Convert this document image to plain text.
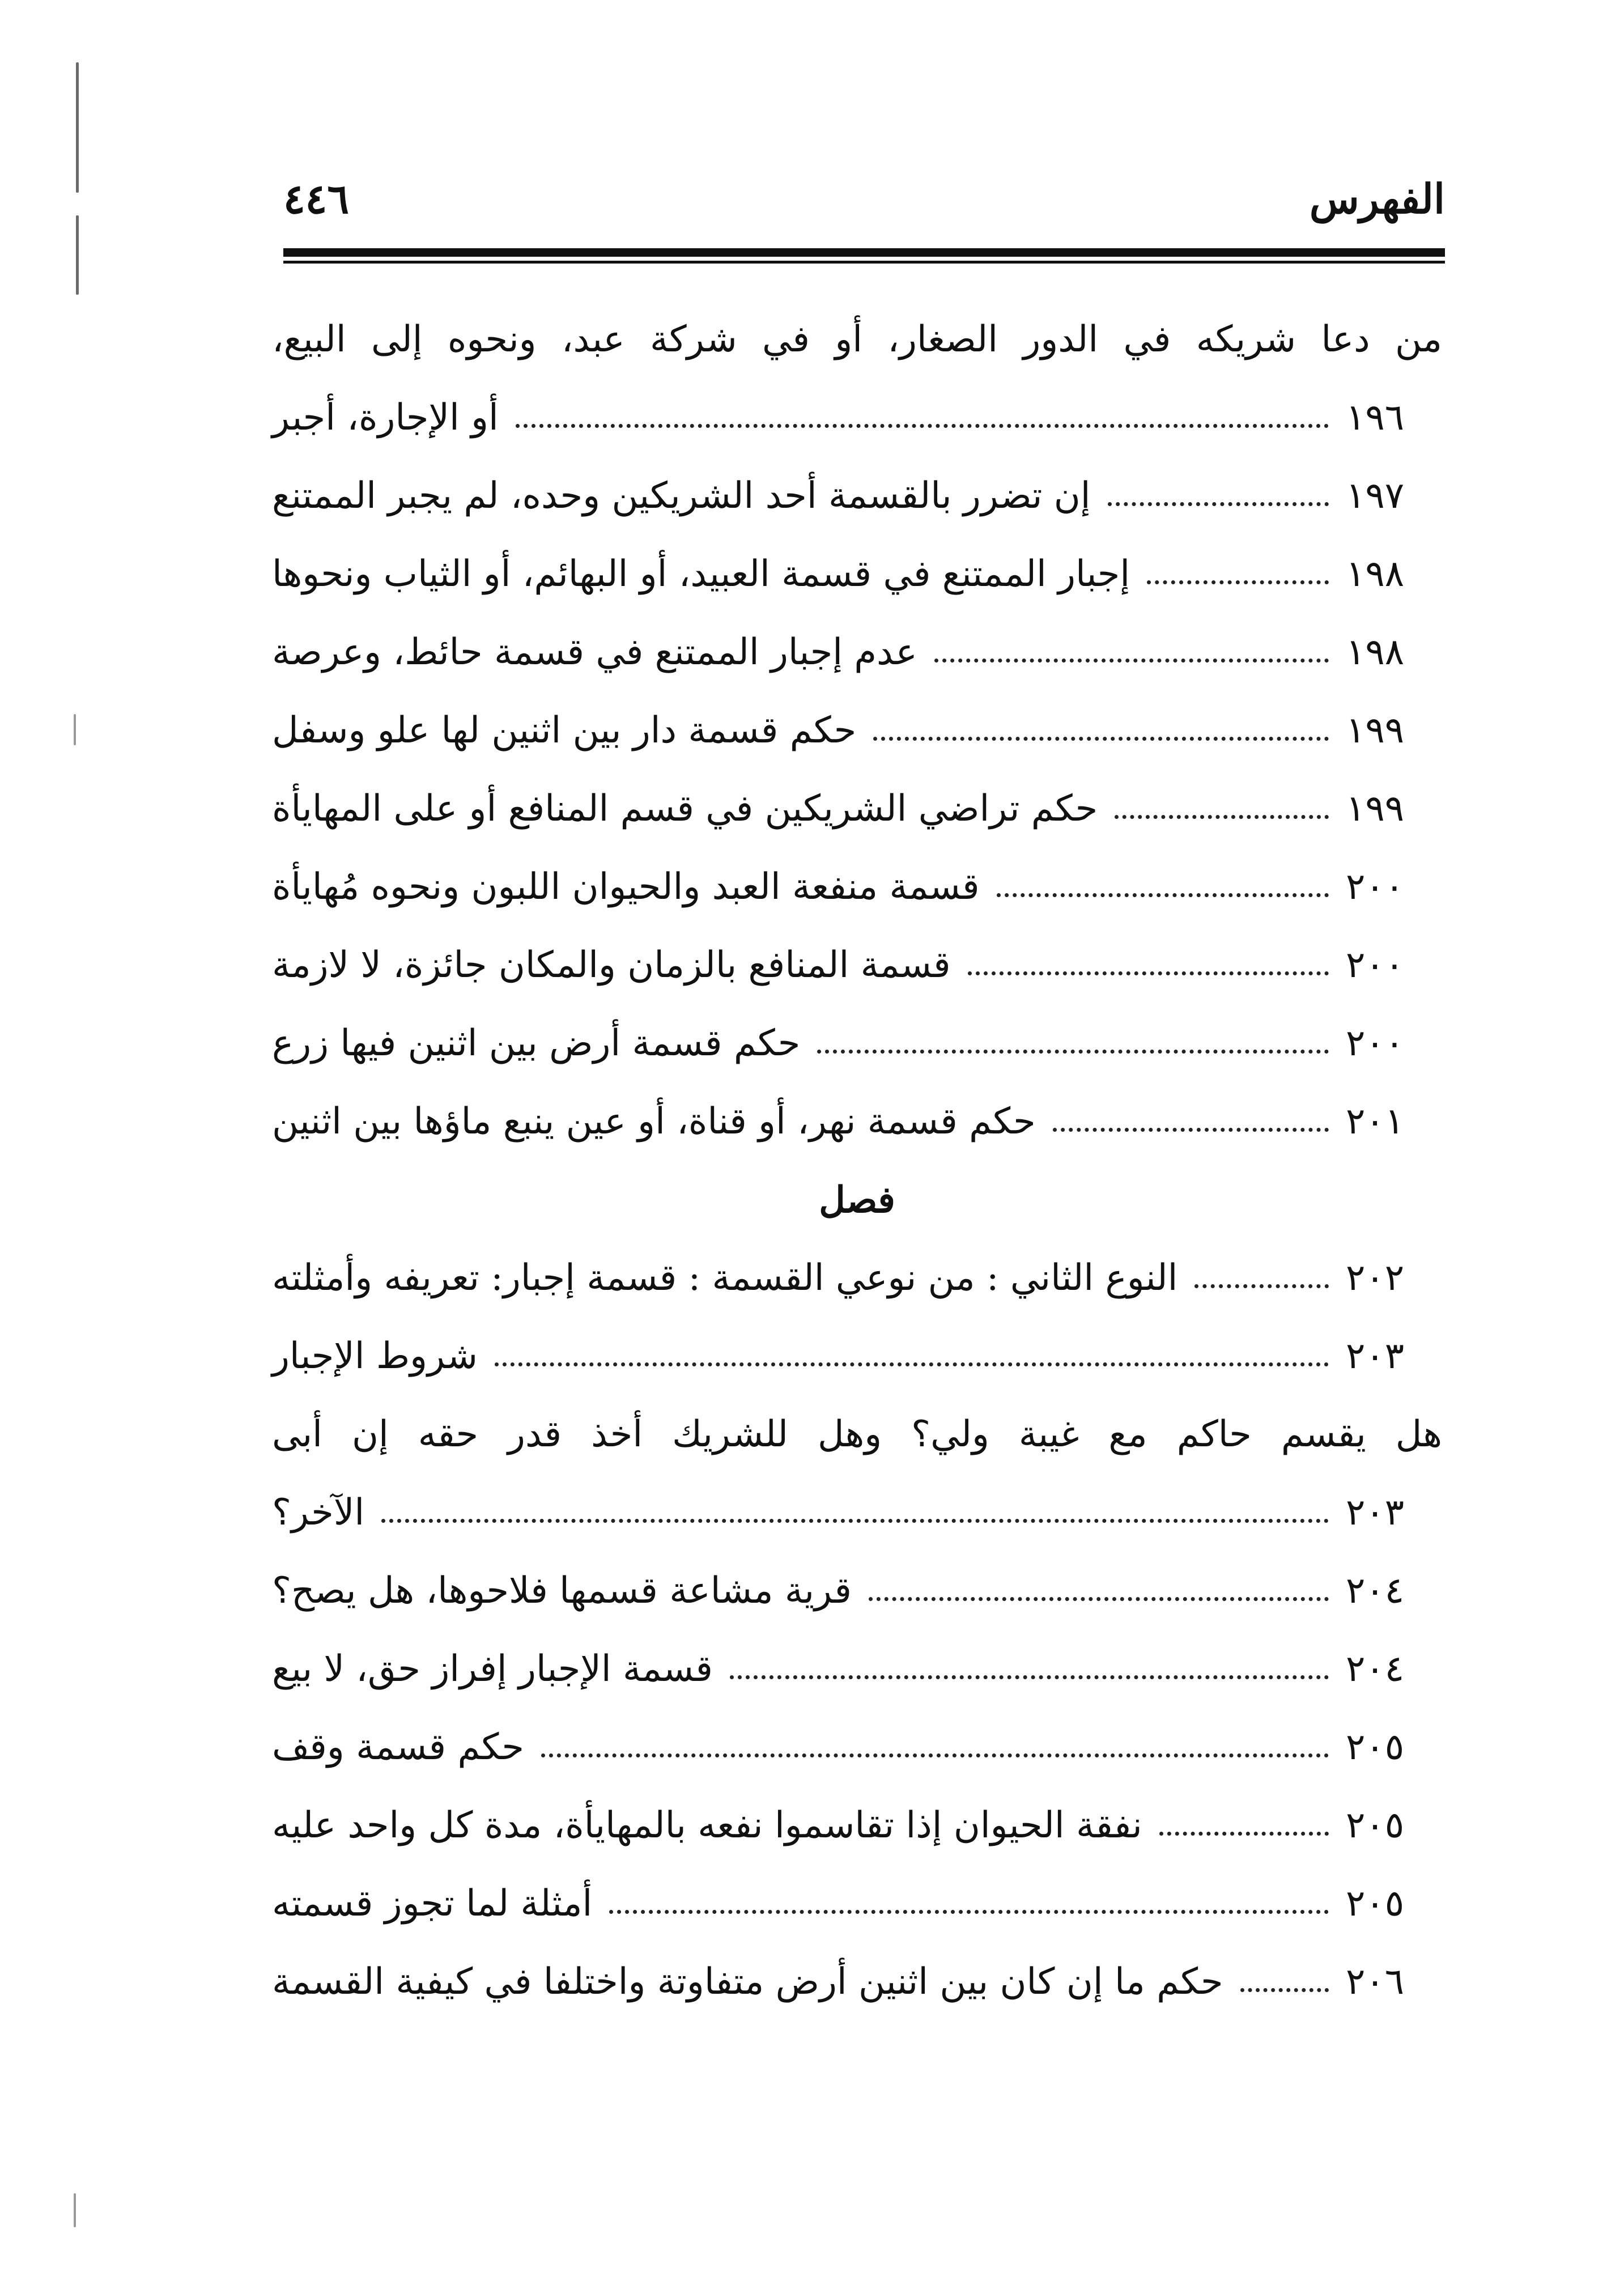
٤٤٦	الفهرس
من دعا شريكه في الدور الصغار، أو في شركة عبد، ونحوه إلى البيع،
أو الإجارة، أجبر	١٩٦
إن تضرر بالقسمة أحد الشريكين وحده، لم يجبر الممتنع	١٩٧
إجبار الممتنع في قسمة العبيد، أو البهائم، أو الثياب ونحوها	١٩٨
عدم إجبار الممتنع في قسمة حائط، وعرصة	١٩٨
حكم قسمة دار بين اثنين لها علو وسفل	١٩٩
حكم تراضي الشريكين في قسم المنافع أو على المهايأة	١٩٩
قسمة منفعة العبد والحيوان اللبون ونحوه مُهايأة	٢٠٠
قسمة المنافع بالزمان والمكان جائزة، لا لازمة	٢٠٠
حكم قسمة أرض بين اثنين فيها زرع	٢٠٠
حكم قسمة نهر، أو قناة، أو عين ينبع ماؤها بين اثنين	٢٠١
فصل
النوع الثاني : من نوعي القسمة : قسمة إجبار: تعريفه وأمثلته	٢٠٢
شروط الإجبار	٢٠٣
هل يقسم حاكم مع غيبة ولي؟ وهل للشريك أخذ قدر حقه إن أبى
الآخر؟	٢٠٣
قرية مشاعة قسمها فلاحوها، هل يصح؟	٢٠٤
قسمة الإجبار إفراز حق، لا بيع	٢٠٤
حكم قسمة وقف	٢٠٥
نفقة الحيوان إذا تقاسموا نفعه بالمهايأة، مدة كل واحد عليه	٢٠٥
أمثلة لما تجوز قسمته	٢٠٥
حكم ما إن كان بين اثنين أرض متفاوتة واختلفا في كيفية القسمة	٢٠٦
